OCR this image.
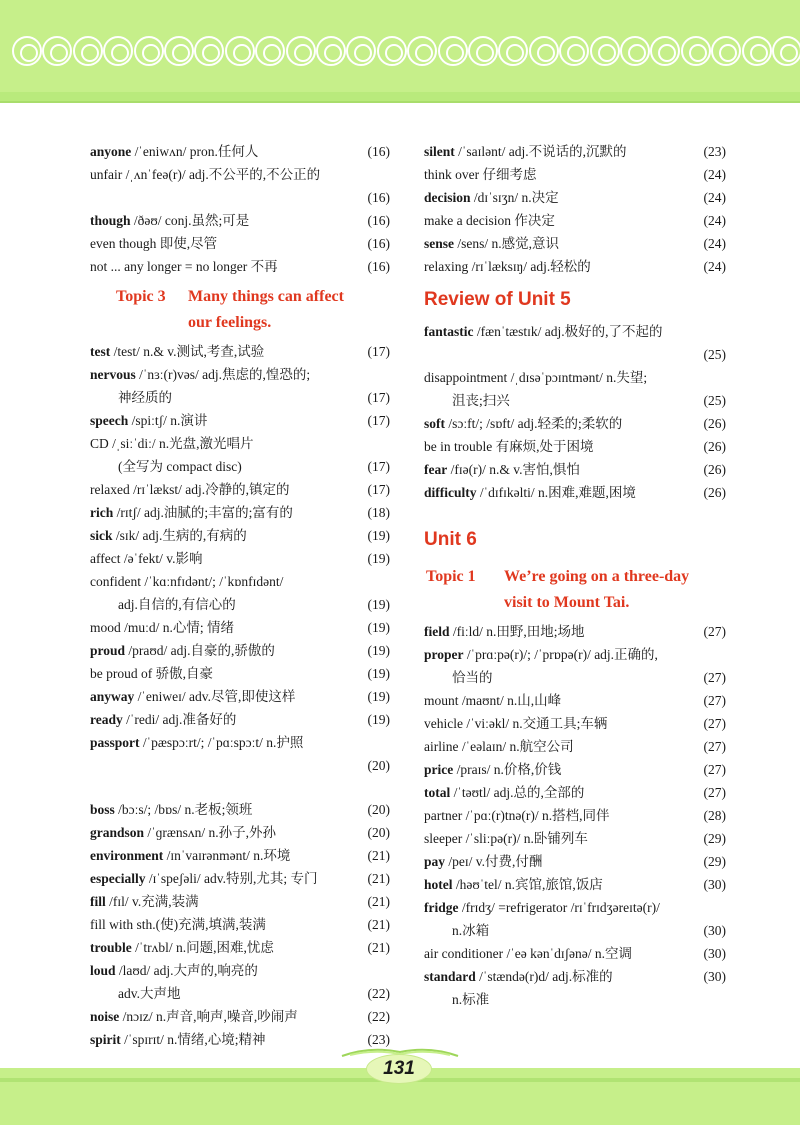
anyone /ˈeniwʌn/ pron.任何人	(16)
unfair /ˌʌnˈfeə(r)/ adj.不公平的,不公正的
(16)
though /ðəʊ/ conj.虽然;可是	(16)
even though 即使,尽管	(16)
not ... any longer = no longer 不再	(16)
Topic 3 Many things can affect
our feelings.
test /test/ n.& v.测试,考查,试验	(17)
nervous /ˈnɜː(r)vəs/ adj.焦虑的,惶恐的;
神经质的	(17)
speech /spiːtʃ/ n.演讲	(17)
CD /ˌsiːˈdiː/ n.光盘,激光唱片
(全写为 compact disc)	(17)
relaxed /rɪˈlækst/ adj.冷静的,镇定的	(17)
rich /rɪtʃ/ adj.油腻的;丰富的;富有的	(18)
sick /sɪk/ adj.生病的,有病的	(19)
affect /əˈfekt/ v.影响	(19)
confident /ˈkɑːnfɪdənt/; /ˈkɒnfɪdənt/
adj.自信的,有信心的	(19)
mood /muːd/ n.心情; 情绪	(19)
proud /praʊd/ adj.自豪的,骄傲的	(19)
be proud of 骄傲,自豪	(19)
anyway /ˈeniweɪ/ adv.尽管,即使这样	(19)
ready /ˈredi/ adj.准备好的	(19)
passport /ˈpæspɔːrt/; /ˈpɑːspɔːt/ n.护照
(20)
boss /bɔːs/; /bɒs/ n.老板;领班	(20)
grandson /ˈɡrænsʌn/ n.孙子,外孙	(20)
environment /ɪnˈvaɪrənmənt/ n.环境	(21)
especially /ɪˈspeʃəli/ adv.特别,尤其; 专门	(21)
fill /fɪl/ v.充满,装满	(21)
fill with sth.(使)充满,填满,装满	(21)
trouble /ˈtrʌbl/ n.问题,困难,忧虑	(21)
loud /laʊd/ adj.大声的,响亮的
adv.大声地	(22)
noise /nɔɪz/ n.声音,响声,噪音,吵闹声	(22)
spirit /ˈspɪrɪt/ n.情绪,心境;精神	(23)
silent /ˈsaɪlənt/ adj.不说话的,沉默的	(23)
think over 仔细考虑	(24)
decision /dɪˈsɪʒn/ n.决定	(24)
make a decision 作决定	(24)
sense /sens/ n.感觉,意识	(24)
relaxing /rɪˈlæksɪŋ/ adj.轻松的	(24)
Review of Unit 5
fantastic /fænˈtæstɪk/ adj.极好的,了不起的
(25)
disappointment /ˌdɪsəˈpɔɪntmənt/ n.失望;
沮丧;扫兴	(25)
soft /sɔːft/; /sɒft/ adj.轻柔的;柔软的	(26)
be in trouble 有麻烦,处于困境	(26)
fear /fɪə(r)/ n.& v.害怕,惧怕	(26)
difficulty /ˈdɪfɪkəlti/ n.困难,难题,困境	(26)
Unit 6
Topic 1 We’re going on a three-day
visit to Mount Tai.
field /fiːld/ n.田野,田地;场地	(27)
proper /ˈprɑːpə(r)/; /ˈprɒpə(r)/ adj.正确的,
恰当的	(27)
mount /maʊnt/ n.山,山峰	(27)
vehicle /ˈviːəkl/ n.交通工具;车辆	(27)
airline /ˈeəlaɪn/ n.航空公司	(27)
price /praɪs/ n.价格,价钱	(27)
total /ˈtəʊtl/ adj.总的,全部的	(27)
partner /ˈpɑː(r)tnə(r)/ n.搭档,同伴	(28)
sleeper /ˈsliːpə(r)/ n.卧铺列车	(29)
pay /peɪ/ v.付费,付酬	(29)
hotel /həʊˈtel/ n.宾馆,旅馆,饭店	(30)
fridge /frɪdʒ/ =refrigerator /rɪˈfrɪdʒəreɪtə(r)/
n.冰箱	(30)
air conditioner /ˈeə kənˈdɪʃənə/ n.空调	(30)
standard /ˈstændə(r)d/ adj.标准的
n.标准
(30)
131
